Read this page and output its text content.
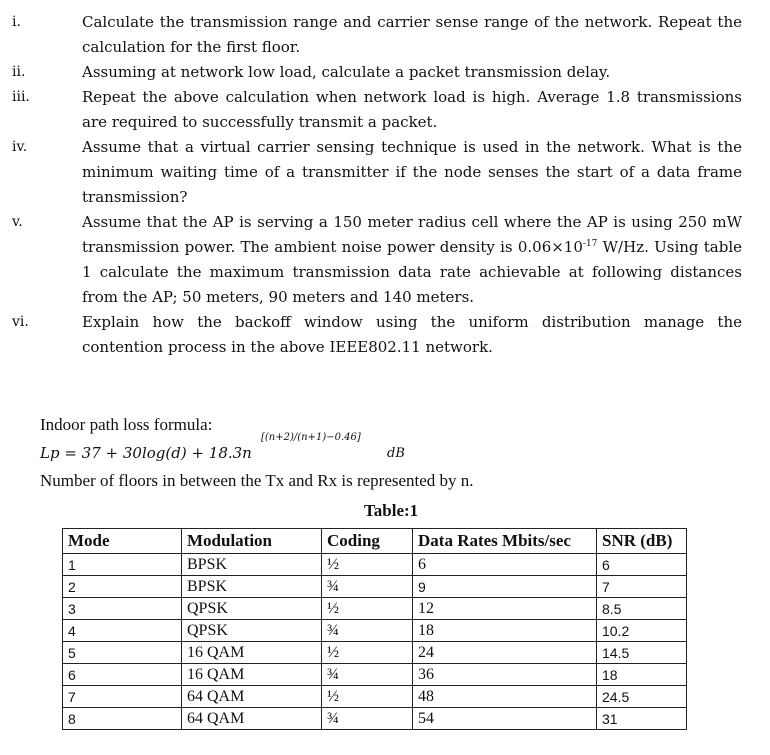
i.	Calculate the transmission range and carrier sense range of the network. Repeat the calculation for the first floor.
ii.	Assuming at network low load, calculate a packet transmission delay.
iii.	Repeat the above calculation when network load is high. Average 1.8 transmissions are required to successfully transmit a packet.
iv.	Assume that a virtual carrier sensing technique is used in the network. What is the minimum waiting time of a transmitter if the node senses the start of a data frame transmission?
v.	Assume that the AP is serving a 150 meter radius cell where the AP is using 250 mW transmission power. The ambient noise power density is $0.06\times 10^{-17}$ W/Hz. Using table 1 calculate the maximum transmission data rate achievable at following distances from the AP; 50 meters, 90 meters and 140 meters.
vi.	Explain how the backoff window using the uniform distribution manage the contention process in the above IEEE802.11 network.
Indoor path loss formula:
Lp = 37 + 30log(d) + 18.3n
[(n+2)/(n+1)−0.46]
dB
Number of floors in between the Tx and Rx is represented by n.
Table:1
Mode	Modulation	Coding	Data Rates Mbits/sec	SNR (dB)
1	BPSK	½	6	6
2	BPSK	¾	9	7
3	QPSK	½	12	8.5
4	QPSK	¾	18	10.2
5	16 QAM	½	24	14.5
6	16 QAM	¾	36	18
7	64 QAM	½	48	24.5
8	64 QAM	¾	54	31
